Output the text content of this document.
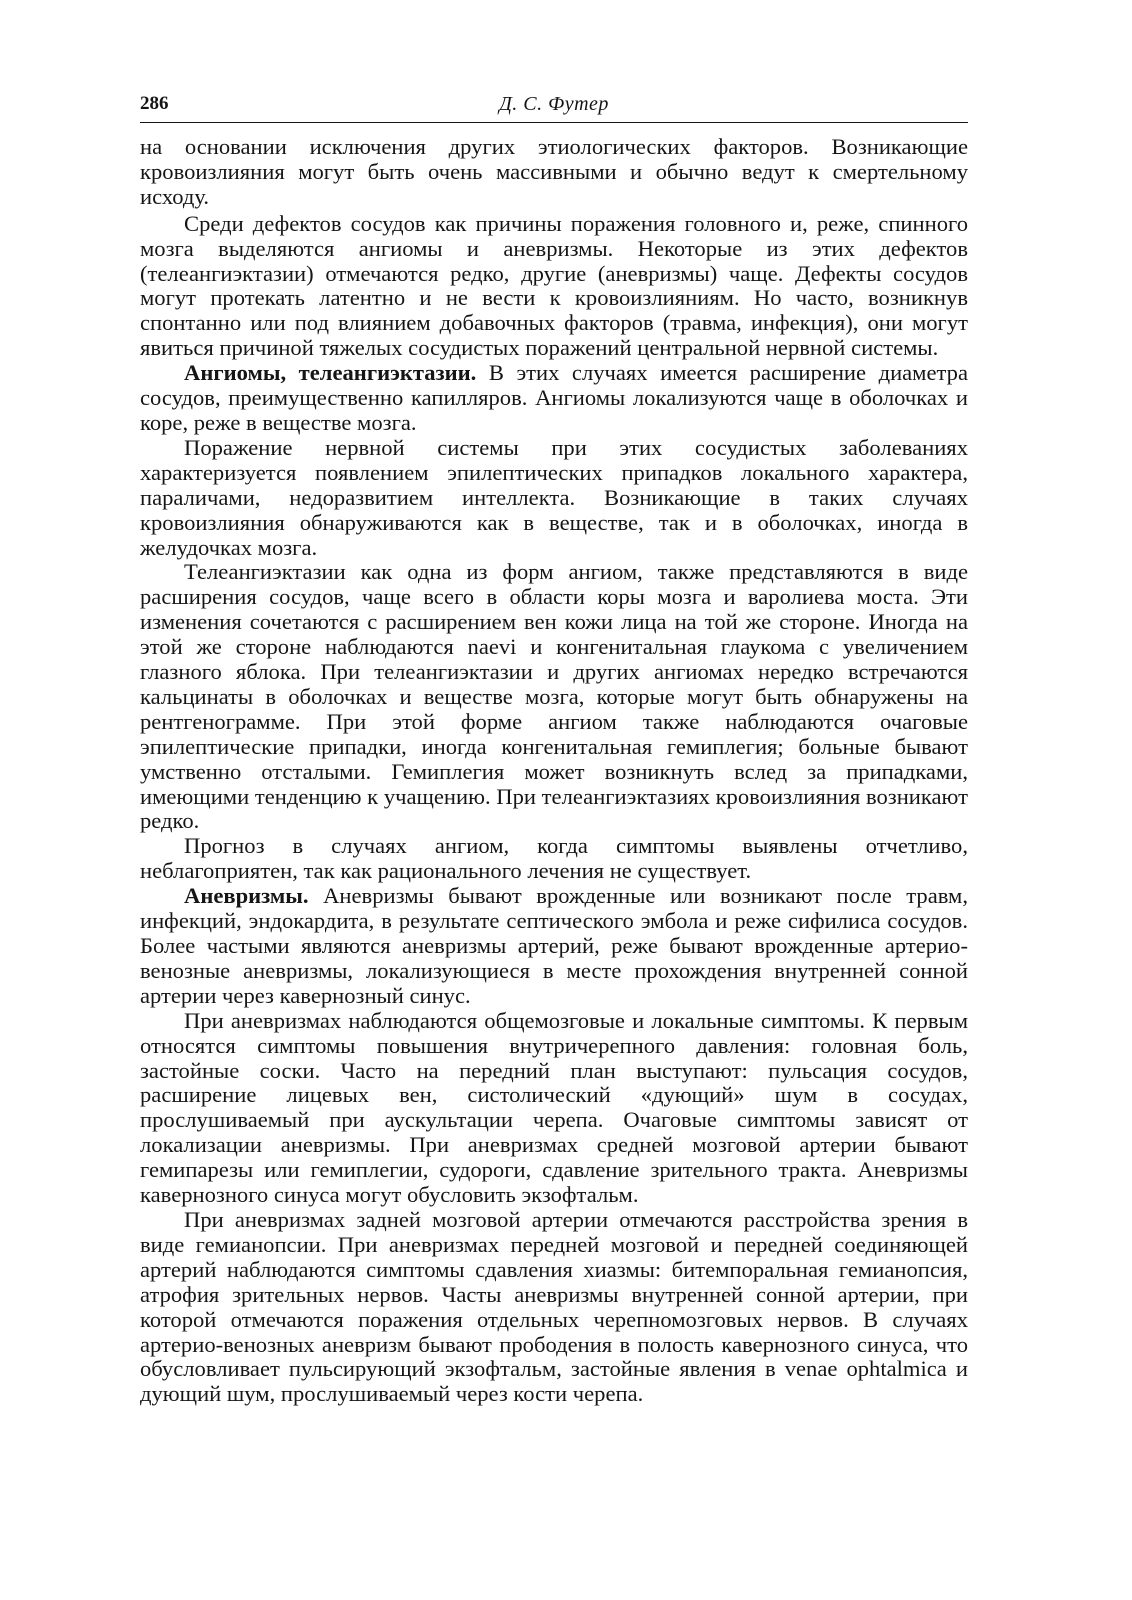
286	Д. С. Футер

на основании исключения других этиологических факторов. Возникающие кровоизлияния могут быть очень массивными и обычно ведут к смертельному исходу.

Среди дефектов сосудов как причины поражения головного и, реже, спинного мозга выделяются ангиомы и аневризмы. Некоторые из этих дефектов (телеангиэктазии) отмечаются редко, другие (аневризмы) чаще. Дефекты сосудов могут протекать латентно и не вести к кровоизлияниям. Но часто, возникнув спонтанно или под влиянием добавочных факторов (травма, инфекция), они могут явиться причиной тяжелых сосудистых поражений центральной нервной системы.

Ангиомы, телеангиэктазии. В этих случаях имеется расширение диаметра сосудов, преимущественно капилляров. Ангиомы локализуются чаще в оболочках и коре, реже в веществе мозга.

Поражение нервной системы при этих сосудистых заболеваниях характеризуется появлением эпилептических припадков локального характера, параличами, недоразвитием интеллекта. Возникающие в таких случаях кровоизлияния обнаруживаются как в веществе, так и в оболочках, иногда в желудочках мозга.

Телеангиэктазии как одна из форм ангиом, также представляются в виде расширения сосудов, чаще всего в области коры мозга и варолиева моста. Эти изменения сочетаются с расширением вен кожи лица на той же стороне. Иногда на этой же стороне наблюдаются naevi и конгенитальная глаукома с увеличением глазного яблока. При телеангиэктазии и других ангиомах нередко встречаются кальцинаты в оболочках и веществе мозга, которые могут быть обнаружены на рентгенограмме. При этой форме ангиом также наблюдаются очаговые эпилептические припадки, иногда конгенитальная гемиплегия; больные бывают умственно отсталыми. Гемиплегия может возникнуть вслед за припадками, имеющими тенденцию к учащению. При телеангиэктазиях кровоизлияния возникают редко.

Прогноз в случаях ангиом, когда симптомы выявлены отчетливо, неблагоприятен, так как рационального лечения не существует.

Аневризмы. Аневризмы бывают врожденные или возникают после травм, инфекций, эндокардита, в результате септического эмбола и реже сифилиса сосудов. Более частыми являются аневризмы артерий, реже бывают врожденные артерио-венозные аневризмы, локализующиеся в месте прохождения внутренней сонной артерии через кавернозный синус.

При аневризмах наблюдаются общемозговые и локальные симптомы. К первым относятся симптомы повышения внутричерепного давления: головная боль, застойные соски. Часто на передний план выступают: пульсация сосудов, расширение лицевых вен, систолический «дующий» шум в сосудах, прослушиваемый при аускультации черепа. Очаговые симптомы зависят от локализации аневризмы. При аневризмах средней мозговой артерии бывают гемипарезы или гемиплегии, судороги, сдавление зрительного тракта. Аневризмы кавернозного синуса могут обусловить экзофтальм.

При аневризмах задней мозговой артерии отмечаются расстройства зрения в виде гемианопсии. При аневризмах передней мозговой и передней соединяющей артерий наблюдаются симптомы сдавления хиазмы: битемпоральная гемианопсия, атрофия зрительных нервов. Часты аневризмы внутренней сонной артерии, при которой отмечаются поражения отдельных черепномозговых нервов. В случаях артерио-венозных аневризм бывают прободения в полость кавернозного синуса, что обусловливает пульсирующий экзофтальм, застойные явления в venae ophtalmica и дующий шум, прослушиваемый через кости черепа.
